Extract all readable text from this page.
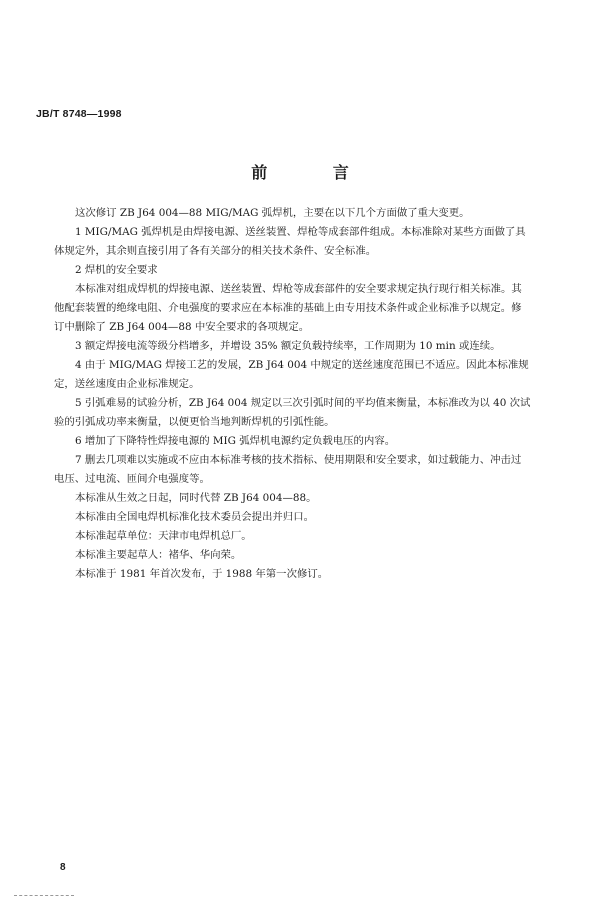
JB/T 8748—1998
前 言
这次修订 ZB J64 004—88 MIG/MAG 弧焊机，主要在以下几个方面做了重大变更。
1 MIG/MAG 弧焊机是由焊接电源、送丝装置、焊枪等成套部件组成。本标准除对某些方面做了具
体规定外，其余则直接引用了各有关部分的相关技术条件、安全标准。
2 焊机的安全要求
本标准对组成焊机的焊接电源、送丝装置、焊枪等成套部件的安全要求规定执行现行相关标准。其
他配套装置的绝缘电阻、介电强度的要求应在本标准的基础上由专用技术条件或企业标准予以规定。修
订中删除了 ZB J64 004—88 中安全要求的各项规定。
3 额定焊接电流等级分档增多，并增设 35% 额定负载持续率，工作周期为 10 min 或连续。
4 由于 MIG/MAG 焊接工艺的发展，ZB J64 004 中规定的送丝速度范围已不适应。因此本标准规
定，送丝速度由企业标准规定。
5 引弧难易的试验分析，ZB J64 004 规定以三次引弧时间的平均值来衡量，本标准改为以 40 次试
验的引弧成功率来衡量，以便更恰当地判断焊机的引弧性能。
6 增加了下降特性焊接电源的 MIG 弧焊机电源约定负载电压的内容。
7 删去几项难以实施或不应由本标准考核的技术指标、使用期限和安全要求，如过载能力、冲击过
电压、过电流、匝间介电强度等。
本标准从生效之日起，同时代替 ZB J64 004—88。
本标准由全国电焊机标准化技术委员会提出并归口。
本标准起草单位：天津市电焊机总厂。
本标准主要起草人：褚华、华向荣。
本标准于 1981 年首次发布，于 1988 年第一次修订。
8
